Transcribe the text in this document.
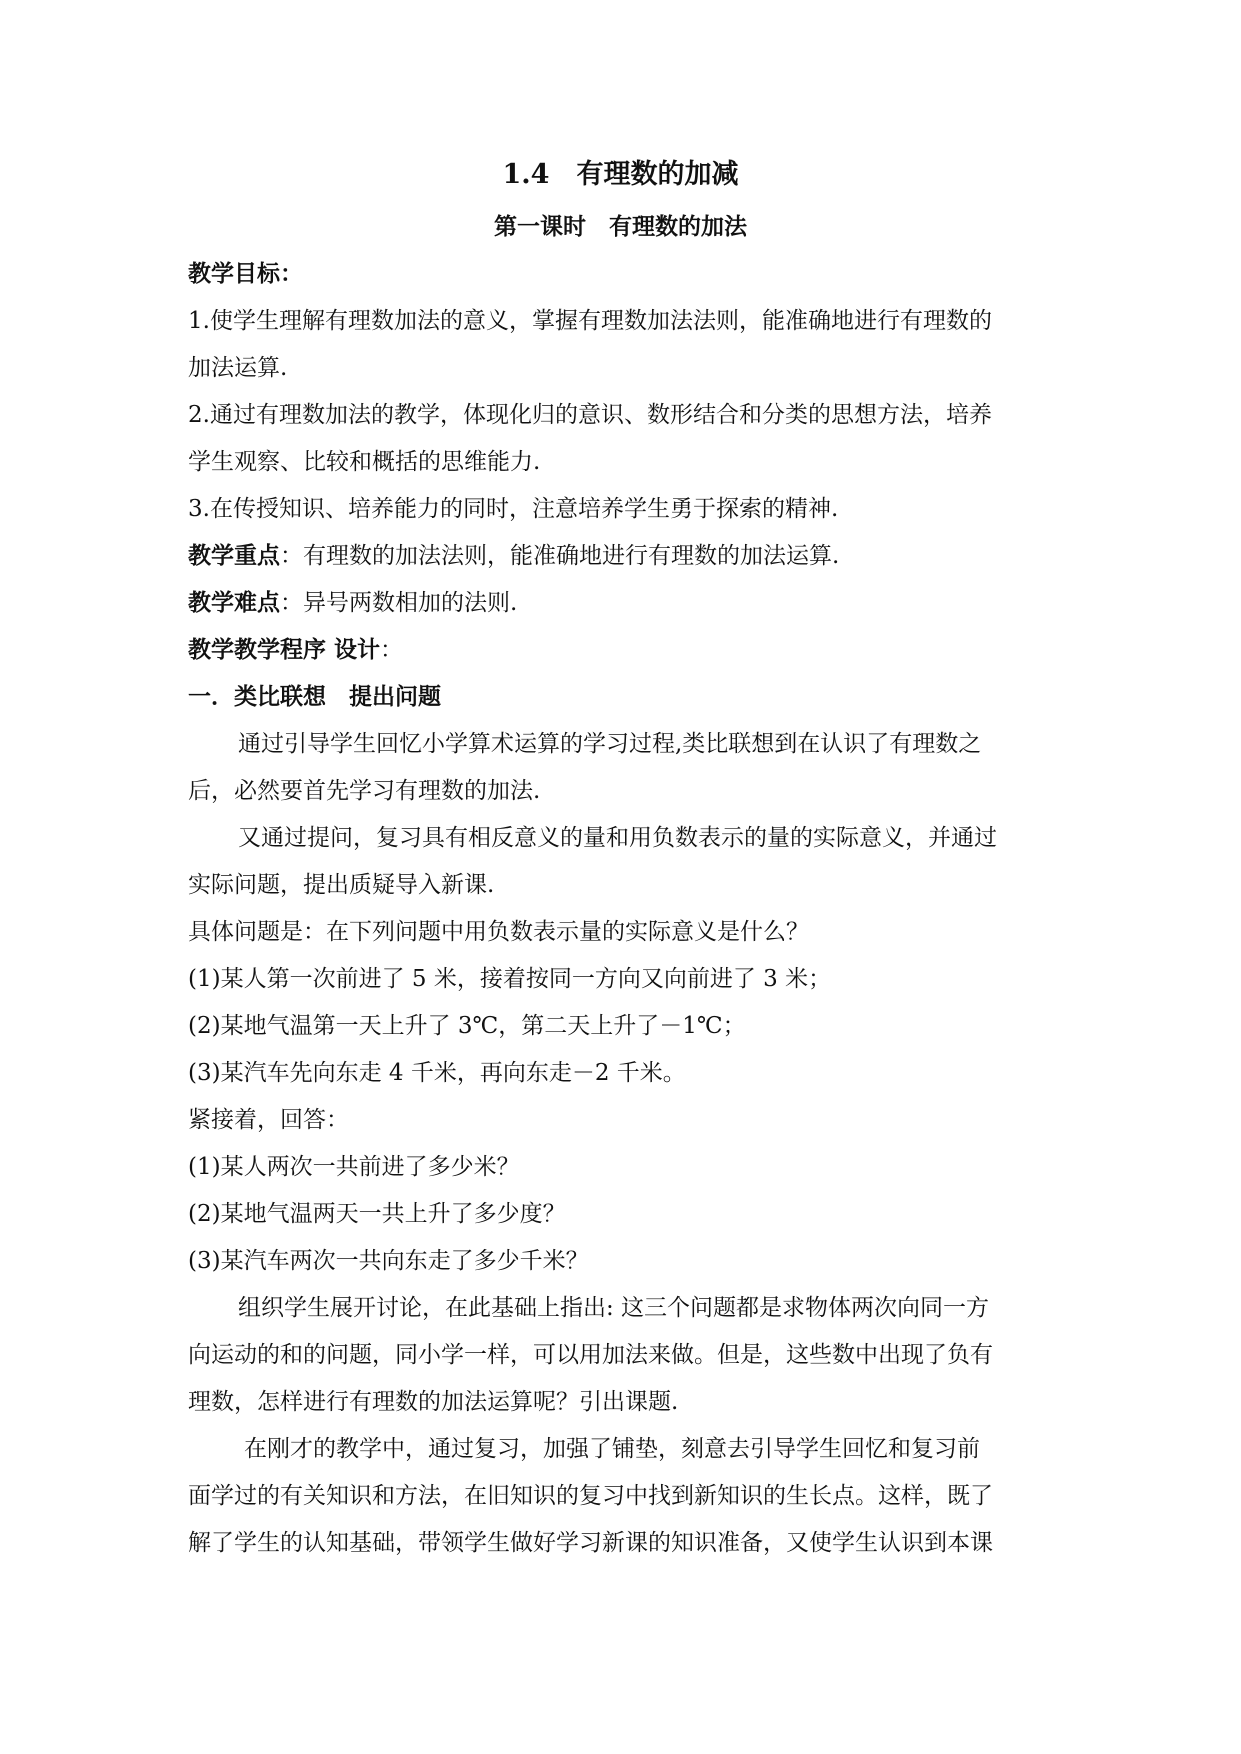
1.4　有理数的加减
第一课时　有理数的加法
教学目标：
1.使学生理解有理数加法的意义，掌握有理数加法法则，能准确地进行有理数的
加法运算.
2.通过有理数加法的教学，体现化归的意识、数形结合和分类的思想方法，培养
学生观察、比较和概括的思维能力.
3.在传授知识、培养能力的同时，注意培养学生勇于探索的精神.
教学重点：有理数的加法法则，能准确地进行有理数的加法运算.
教学难点：异号两数相加的法则.
教学教学程序 设计：
一．类比联想　提出问题
通过引导学生回忆小学算术运算的学习过程,类比联想到在认识了有理数之
后，必然要首先学习有理数的加法.
又通过提问，复习具有相反意义的量和用负数表示的量的实际意义，并通过
实际问题，提出质疑导入新课.
具体问题是：在下列问题中用负数表示量的实际意义是什么？
(1)某人第一次前进了 5 米，接着按同一方向又向前进了 3 米；
(2)某地气温第一天上升了 3℃，第二天上升了－1℃；
(3)某汽车先向东走 4 千米，再向东走－2 千米。
紧接着，回答：
(1)某人两次一共前进了多少米？
(2)某地气温两天一共上升了多少度？
(3)某汽车两次一共向东走了多少千米？
组织学生展开讨论，在此基础上指出: 这三个问题都是求物体两次向同一方
向运动的和的问题，同小学一样，可以用加法来做。但是，这些数中出现了负有
理数，怎样进行有理数的加法运算呢？引出课题.
在刚才的教学中，通过复习，加强了铺垫，刻意去引导学生回忆和复习前
面学过的有关知识和方法，在旧知识的复习中找到新知识的生长点。这样，既了
解了学生的认知基础，带领学生做好学习新课的知识准备，又使学生认识到本课
